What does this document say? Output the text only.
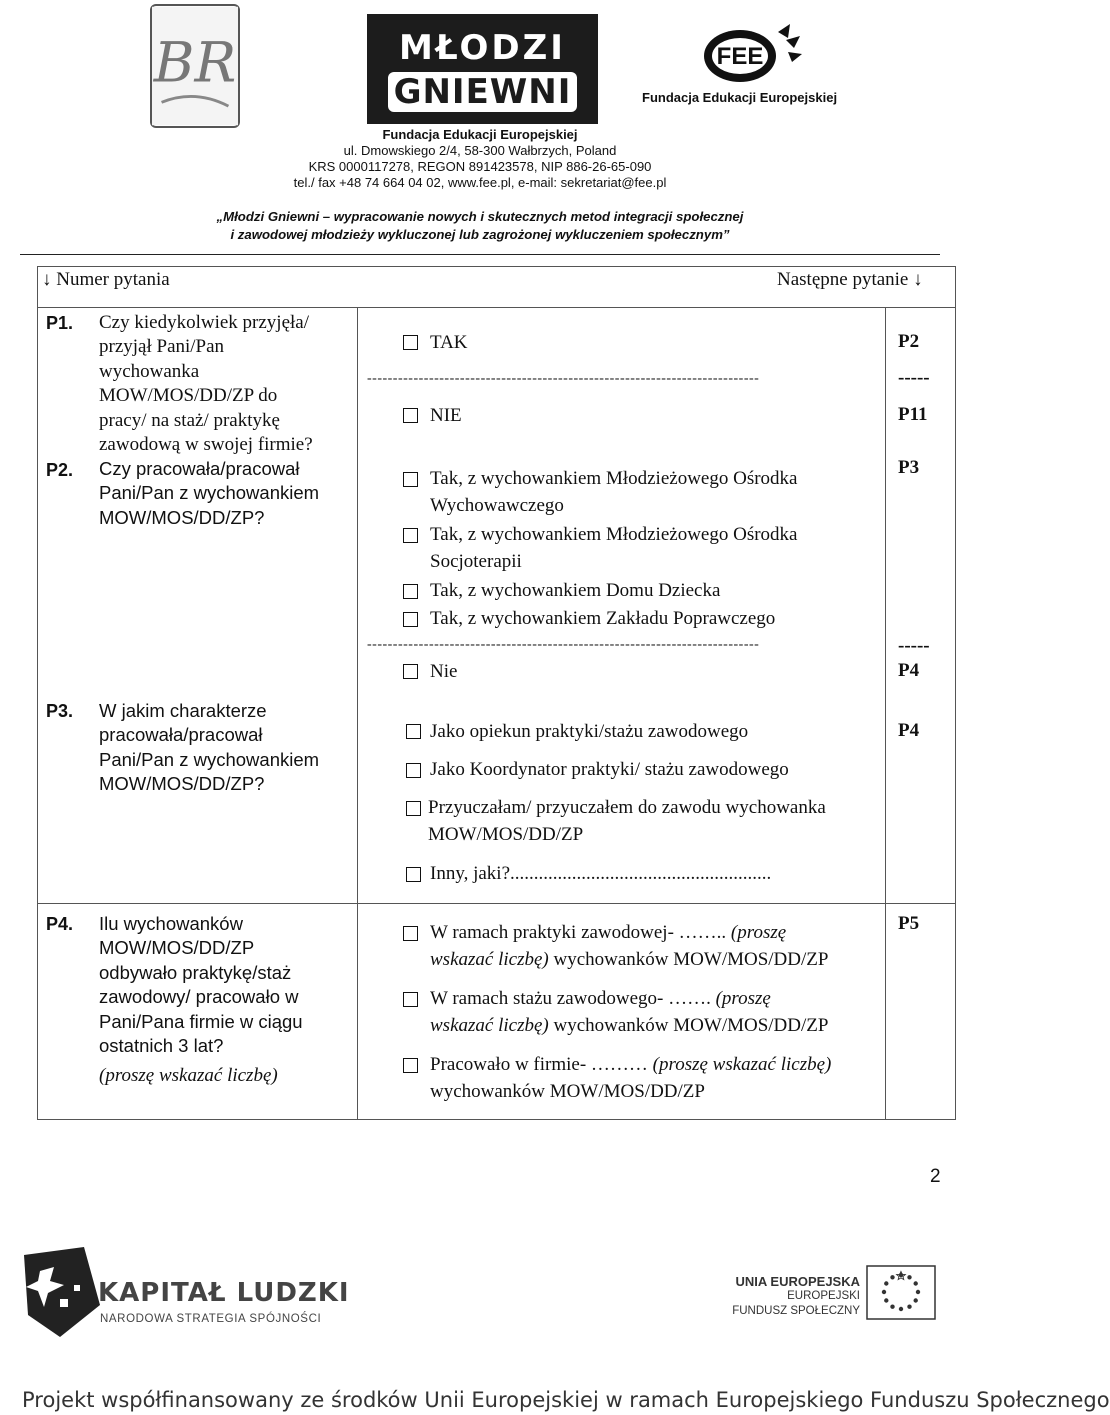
BR	MŁODZI
GNIEWNI
FEE
Fundacja Edukacji Europejskiej
Fundacja Edukacji Europejskiej
ul. Dmowskiego 2/4, 58-300 Wałbrzych, Poland
KRS 0000117278, REGON 891423578, NIP 886-26-65-090
tel./ fax +48 74 664 04 02, www.fee.pl, e-mail: sekretariat@fee.pl
„Młodzi Gniewni – wypracowanie nowych i skutecznych metod integracji społecznej
i zawodowej młodzieży wykluczonej lub zagrożonej wykluczeniem społecznym”
↓ Numer pytania	Następne pytanie ↓
P1. Czy kiedykolwiek przyjęła/
przyjął Pani/Pan
wychowanka
MOW/MOS/DD/ZP do
pracy/ na staż/ praktykę
zawodową w swojej firmie?
TAK
----------------------------------------------------------------------------
NIE
P2
-----
P11
P2. Czy pracowała/pracował
Pani/Pan z wychowankiem
MOW/MOS/DD/ZP?
Tak, z wychowankiem Młodzieżowego Ośrodka
Wychowawczego
Tak, z wychowankiem Młodzieżowego Ośrodka
Socjoterapii
Tak, z wychowankiem Domu Dziecka
Tak, z wychowankiem Zakładu Poprawczego
----------------------------------------------------------------------------
Nie
P3
-----
P4
P3. W jakim charakterze
pracowała/pracował
Pani/Pan z wychowankiem
MOW/MOS/DD/ZP?
Jako opiekun praktyki/stażu zawodowego
Jako Koordynator praktyki/ stażu zawodowego
Przyuczałam/ przyuczałem do zawodu wychowanka
MOW/MOS/DD/ZP
Inny, jaki?.......................................................
P4
P4. Ilu wychowanków
MOW/MOS/DD/ZP
odbywało praktykę/staż
zawodowy/ pracowało w
Pani/Pana firmie w ciągu
ostatnich 3 lat?
(proszę wskazać liczbę)
W ramach praktyki zawodowej- …….. (proszę
wskazać liczbę) wychowanków MOW/MOS/DD/ZP
W ramach stażu zawodowego- ……. (proszę
wskazać liczbę) wychowanków MOW/MOS/DD/ZP
Pracowało w firmie- ……… (proszę wskazać liczbę)
wychowanków MOW/MOS/DD/ZP
P5
2
KAPITAŁ LUDZKI
NARODOWA STRATEGIA SPÓJNOŚCI
UNIA EUROPEJSKA
EUROPEJSKI
FUNDUSZ SPOŁECZNY
Projekt współfinansowany ze środków Unii Europejskiej w ramach Europejskiego Funduszu Społecznego
